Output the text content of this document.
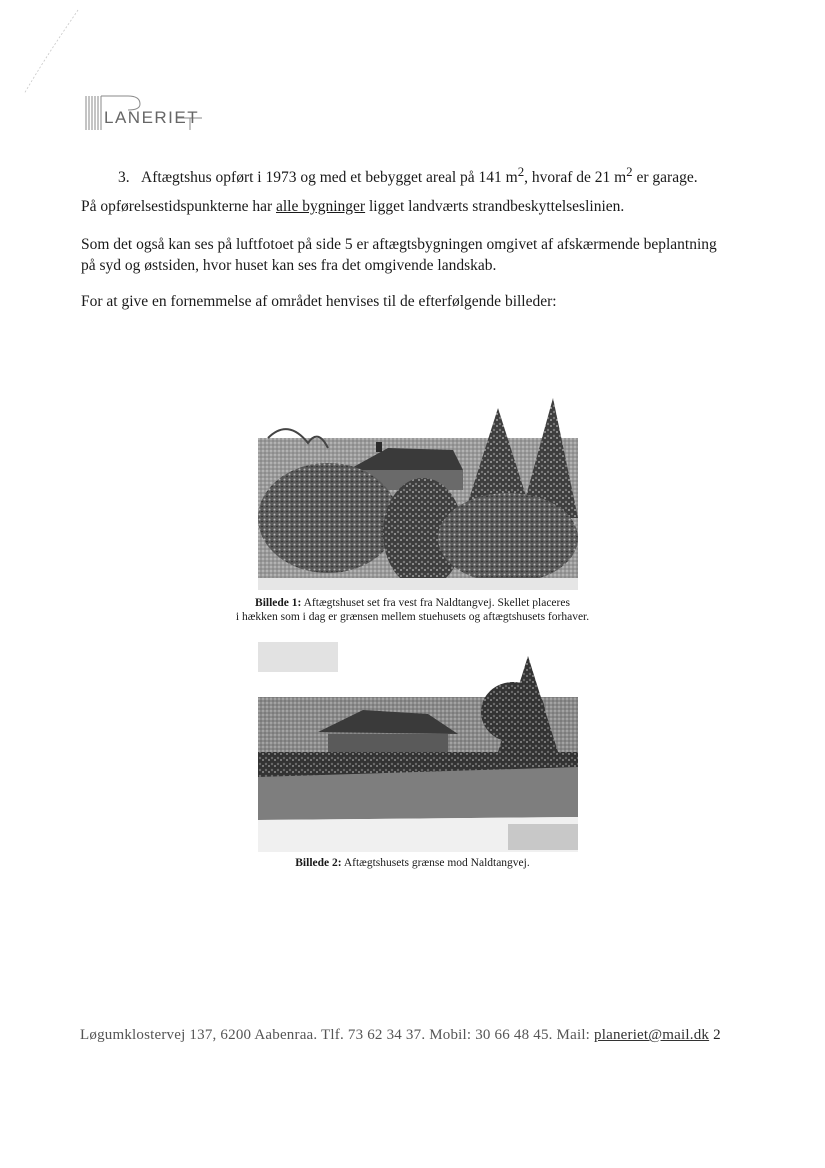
LANERIET

3. Aftægtshus opført i 1973 og med et bebygget areal på 141 $m^2$, hvoraf de 21 $m^2$ er garage.

På opførelsestidspunkterne har alle bygninger ligget landværts strandbeskyttelseslinien.

Som det også kan ses på luftfotoet på side 5 er aftægtsbygningen omgivet af afskærmende beplantning
på syd og østsiden, hvor huset kan ses fra det omgivende landskab.

For at give en fornemmelse af området henvises til de efterfølgende billeder:

Billede 1: Aftægtshuset set fra vest fra Naldtangvej. Skellet placeres
i hækken som i dag er grænsen mellem stuehusets og aftægtshusets forhaver.
Billede 2: Aftægtshusets grænse mod Naldtangvej.
Løgumklostervej 137, 6200 Aabenraa. Tlf. 73 62 34 37. Mobil: 30 66 48 45. Mail: planeriet@mail.dk 2
